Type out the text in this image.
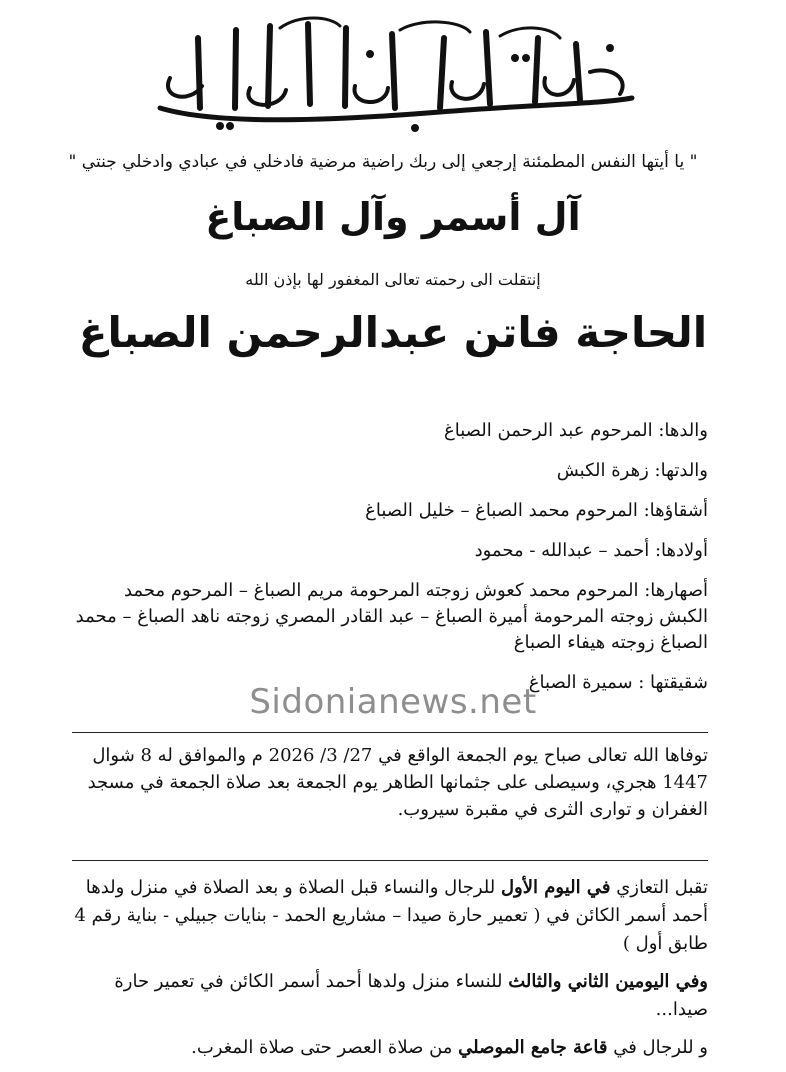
" يا أيتها النفس المطمئنة إرجعي إلى ربك راضية مرضية فادخلي في عبادي وادخلي جنتي "
آل أسمر وآل الصباغ
إنتقلت الى رحمته تعالى المغفور لها بإذن الله
الحاجة فاتن عبدالرحمن الصباغ
والدها: المرحوم عبد الرحمن الصباغ
والدتها: زهرة الكبش
أشقاؤها: المرحوم محمد الصباغ – خليل الصباغ
أولادها: أحمد – عبدالله - محمود
أصهارها: المرحوم محمد كعوش زوجته المرحومة مريم الصباغ – المرحوم محمد الكبش زوجته المرحومة أميرة الصباغ – عبد القادر المصري زوجته ناهد الصباغ – محمد الصباغ زوجته هيفاء الصباغ
شقيقتها : سميرة الصباغ
Sidonianews.net
توفاها الله تعالى صباح يوم الجمعة الواقع في 27/ 3/ 2026 م والموافق له 8 شوال 1447 هجري، وسيصلى على جثمانها الطاهر يوم الجمعة بعد صلاة الجمعة في مسجد الغفران و توارى الثرى في مقبرة سيروب.

تقبل التعازي في اليوم الأول للرجال والنساء قبل الصلاة و بعد الصلاة في منزل ولدها أحمد أسمر الكائن في ( تعمير حارة صيدا – مشاريع الحمد - بنايات جبيلي - بناية رقم 4 طابق أول )

وفي اليومين الثاني والثالث للنساء منزل ولدها أحمد أسمر الكائن في تعمير حارة صيدا...

و للرجال في قاعة جامع الموصلي من صلاة العصر حتى صلاة المغرب.
